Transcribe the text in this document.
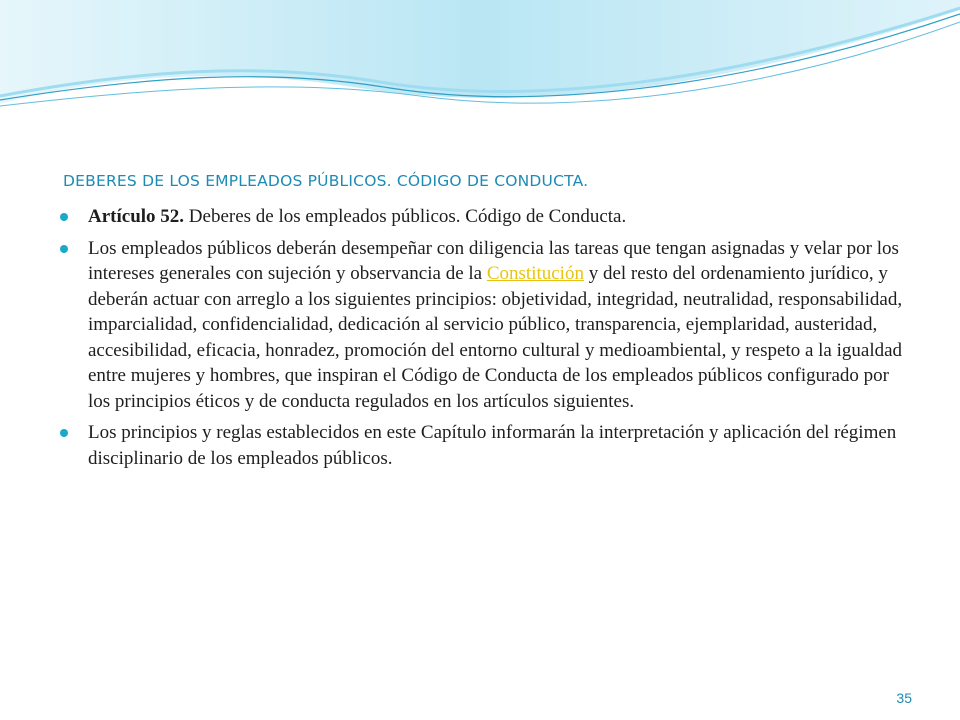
DEBERES DE LOS EMPLEADOS PÚBLICOS. CÓDIGO DE CONDUCTA.
Artículo 52. Deberes de los empleados públicos. Código de Conducta.
Los empleados públicos deberán desempeñar con diligencia las tareas que tengan asignadas y velar por los intereses generales con sujeción y observancia de la Constitución y del resto del ordenamiento jurídico, y deberán actuar con arreglo a los siguientes principios: objetividad, integridad, neutralidad, responsabilidad, imparcialidad, confidencialidad, dedicación al servicio público, transparencia, ejemplaridad, austeridad, accesibilidad, eficacia, honradez, promoción del entorno cultural y medioambiental, y respeto a la igualdad entre mujeres y hombres, que inspiran el Código de Conducta de los empleados públicos configurado por los principios éticos y de conducta regulados en los artículos siguientes.
Los principios y reglas establecidos en este Capítulo informarán la interpretación y aplicación del régimen disciplinario de los empleados públicos.
35
